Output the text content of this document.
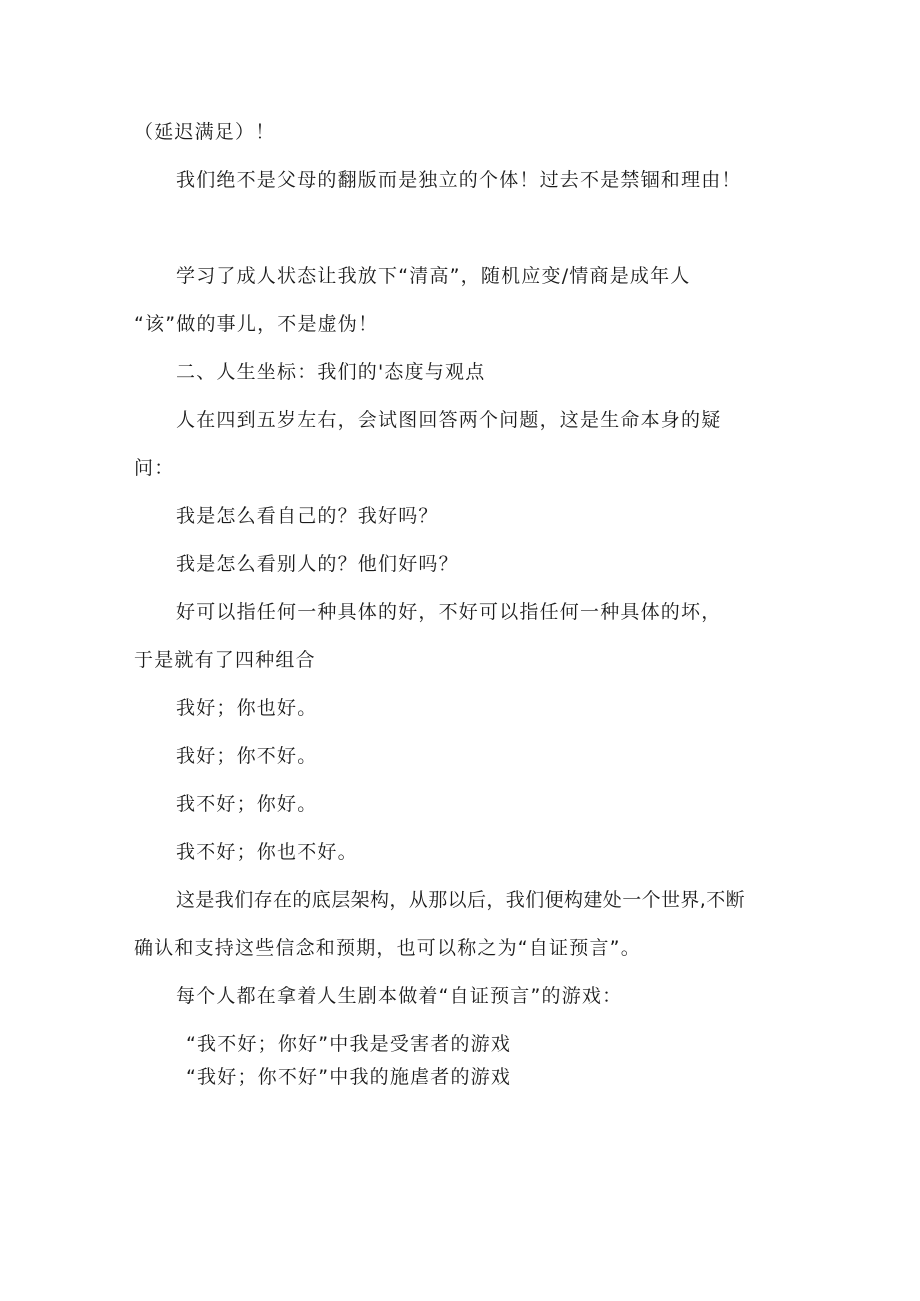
（延迟满足）！

我们绝不是父母的翻版而是独立的个体！过去不是禁锢和理由！

学习了成人状态让我放下“清高”，随机应变/情商是成年人

“该”做的事儿，不是虚伪！

二、人生坐标：我们的'态度与观点

人在四到五岁左右，会试图回答两个问题，这是生命本身的疑

问：

我是怎么看自己的？我好吗？

我是怎么看别人的？他们好吗？

好可以指任何一种具体的好，不好可以指任何一种具体的坏，

于是就有了四种组合

我好；你也好。

我好；你不好。

我不好；你好。

我不好；你也不好。

这是我们存在的底层架构，从那以后，我们便构建处一个世界,不断

确认和支持这些信念和预期，也可以称之为“自证预言”。

每个人都在拿着人生剧本做着“自证预言”的游戏：

“我不好；你好”中我是受害者的游戏

“我好；你不好”中我的施虐者的游戏
